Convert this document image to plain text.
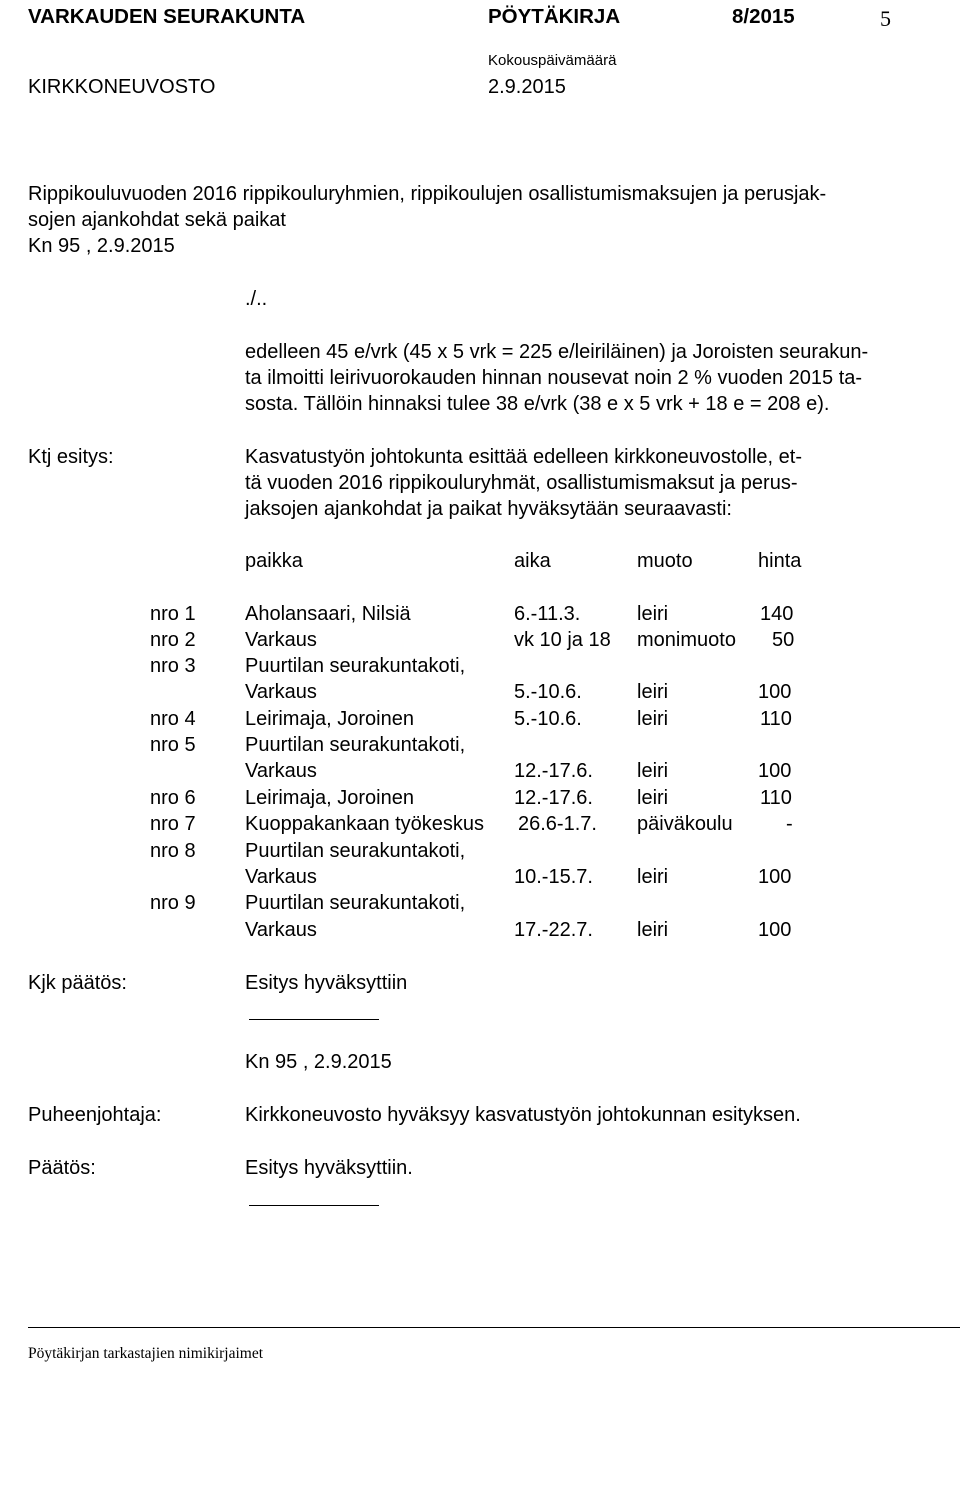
VARKAUDEN SEURAKUNTA	PÖYTÄKIRJA	8/2015	5
Kokouspäivämäärä
KIRKKONEUVOSTO	2.9.2015
Rippikouluvuoden 2016 rippikouluryhmien, rippikoulujen osallistumismaksujen ja perusjak-
sojen ajankohdat sekä paikat
Kn 95 , 2.9.2015
./..
edelleen 45 e/vrk (45 x 5 vrk = 225 e/leiriläinen) ja Joroisten seurakun-
ta ilmoitti leirivuorokauden hinnan nousevat noin 2 % vuoden 2015 ta-
sosta. Tällöin hinnaksi tulee 38 e/vrk (38 e x 5 vrk + 18 e = 208 e).
Ktj esitys:	Kasvatustyön johtokunta esittää edelleen kirkkoneuvostolle, et-
tä vuoden 2016 rippikouluryhmät, osallistumismaksut ja perus-
jaksojen ajankohdat ja paikat hyväksytään seuraavasti:
paikka	aika	muoto	hinta
nro 1 Aholansaari, Nilsiä	6.-11.3.	leiri	140
nro 2 Varkaus	vk 10 ja 18 monimuoto 50
nro 3 Puurtilan seurakuntakoti,
Varkaus	5.-10.6.	leiri	100
nro 4 Leirimaja, Joroinen	5.-10.6.	leiri	110
nro 5 Puurtilan seurakuntakoti,
Varkaus	12.-17.6. leiri	100
nro 6 Leirimaja, Joroinen	12.-17.6. leiri	110
nro 7 Kuoppakankaan työkeskus 26.6-1.7. päiväkoulu	-
nro 8 Puurtilan seurakuntakoti,
Varkaus	10.-15.7. leiri	100
nro 9 Puurtilan seurakuntakoti,
Varkaus	17.-22.7. leiri	100
Kjk päätös:	Esitys hyväksyttiin
Kn 95 , 2.9.2015
Puheenjohtaja:	Kirkkoneuvosto hyväksyy kasvatustyön johtokunnan esityksen.
Päätös:	Esitys hyväksyttiin.
Pöytäkirjan tarkastajien nimikirjaimet
